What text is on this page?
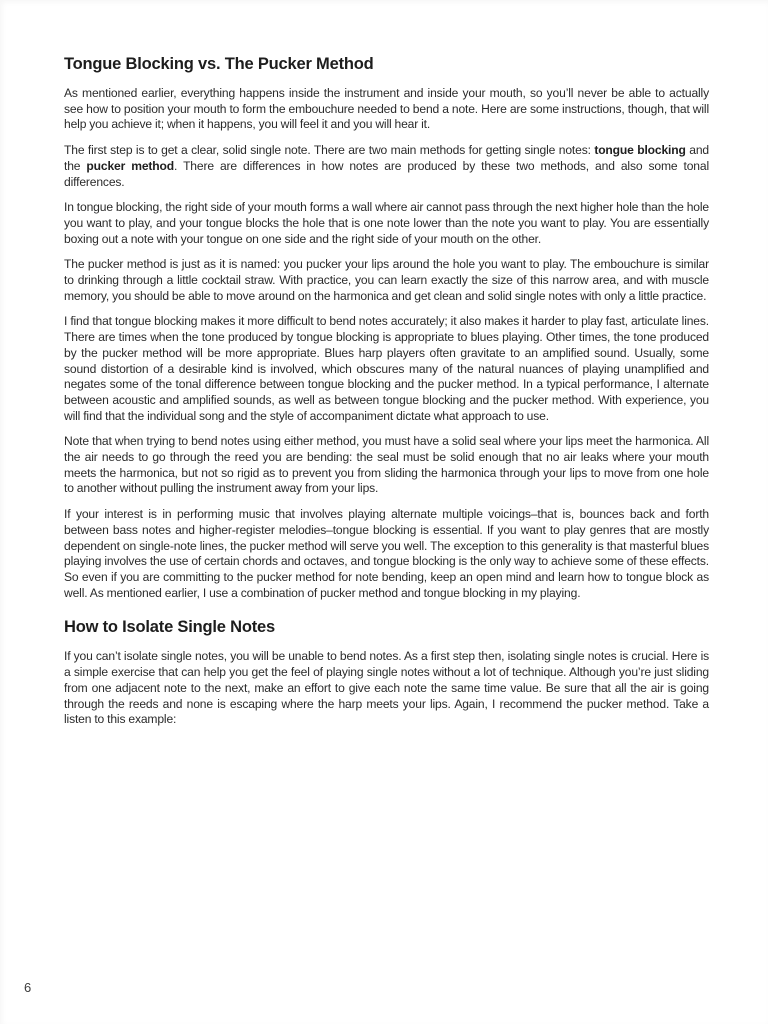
Tongue Blocking vs. The Pucker Method

As mentioned earlier, everything happens inside the instrument and inside your mouth, so you’ll never be able to actually see how to position your mouth to form the embouchure needed to bend a note. Here are some instructions, though, that will help you achieve it; when it happens, you will feel it and you will hear it.

The first step is to get a clear, solid single note. There are two main methods for getting single notes: tongue blocking and the pucker method. There are differences in how notes are produced by these two methods, and also some tonal differences.

In tongue blocking, the right side of your mouth forms a wall where air cannot pass through the next higher hole than the hole you want to play, and your tongue blocks the hole that is one note lower than the note you want to play. You are essentially boxing out a note with your tongue on one side and the right side of your mouth on the other.

The pucker method is just as it is named: you pucker your lips around the hole you want to play. The embouchure is similar to drinking through a little cocktail straw. With practice, you can learn exactly the size of this narrow area, and with muscle memory, you should be able to move around on the harmonica and get clean and solid single notes with only a little practice.

I find that tongue blocking makes it more difficult to bend notes accurately; it also makes it harder to play fast, articulate lines. There are times when the tone produced by tongue blocking is appropriate to blues playing. Other times, the tone produced by the pucker method will be more appropriate. Blues harp players often gravitate to an amplified sound. Usually, some sound distortion of a desirable kind is involved, which obscures many of the natural nuances of playing unamplified and negates some of the tonal difference between tongue blocking and the pucker method. In a typical performance, I alternate between acoustic and amplified sounds, as well as between tongue blocking and the pucker method. With experience, you will find that the individual song and the style of accompaniment dictate what approach to use.

Note that when trying to bend notes using either method, you must have a solid seal where your lips meet the harmonica. All the air needs to go through the reed you are bending: the seal must be solid enough that no air leaks where your mouth meets the harmonica, but not so rigid as to prevent you from sliding the harmonica through your lips to move from one hole to another without pulling the instrument away from your lips.

If your interest is in performing music that involves playing alternate multiple voicings–that is, bounces back and forth between bass notes and higher-register melodies–tongue blocking is essential. If you want to play genres that are mostly dependent on single-note lines, the pucker method will serve you well. The exception to this generality is that masterful blues playing involves the use of certain chords and octaves, and tongue blocking is the only way to achieve some of these effects. So even if you are committing to the pucker method for note bending, keep an open mind and learn how to tongue block as well. As mentioned earlier, I use a combination of pucker method and tongue blocking in my playing.

How to Isolate Single Notes

If you can’t isolate single notes, you will be unable to bend notes. As a first step then, isolating single notes is crucial. Here is a simple exercise that can help you get the feel of playing single notes without a lot of technique. Although you’re just sliding from one adjacent note to the next, make an effort to give each note the same time value. Be sure that all the air is going through the reeds and none is escaping where the harp meets your lips. Again, I recommend the pucker method. Take a listen to this example:

6
